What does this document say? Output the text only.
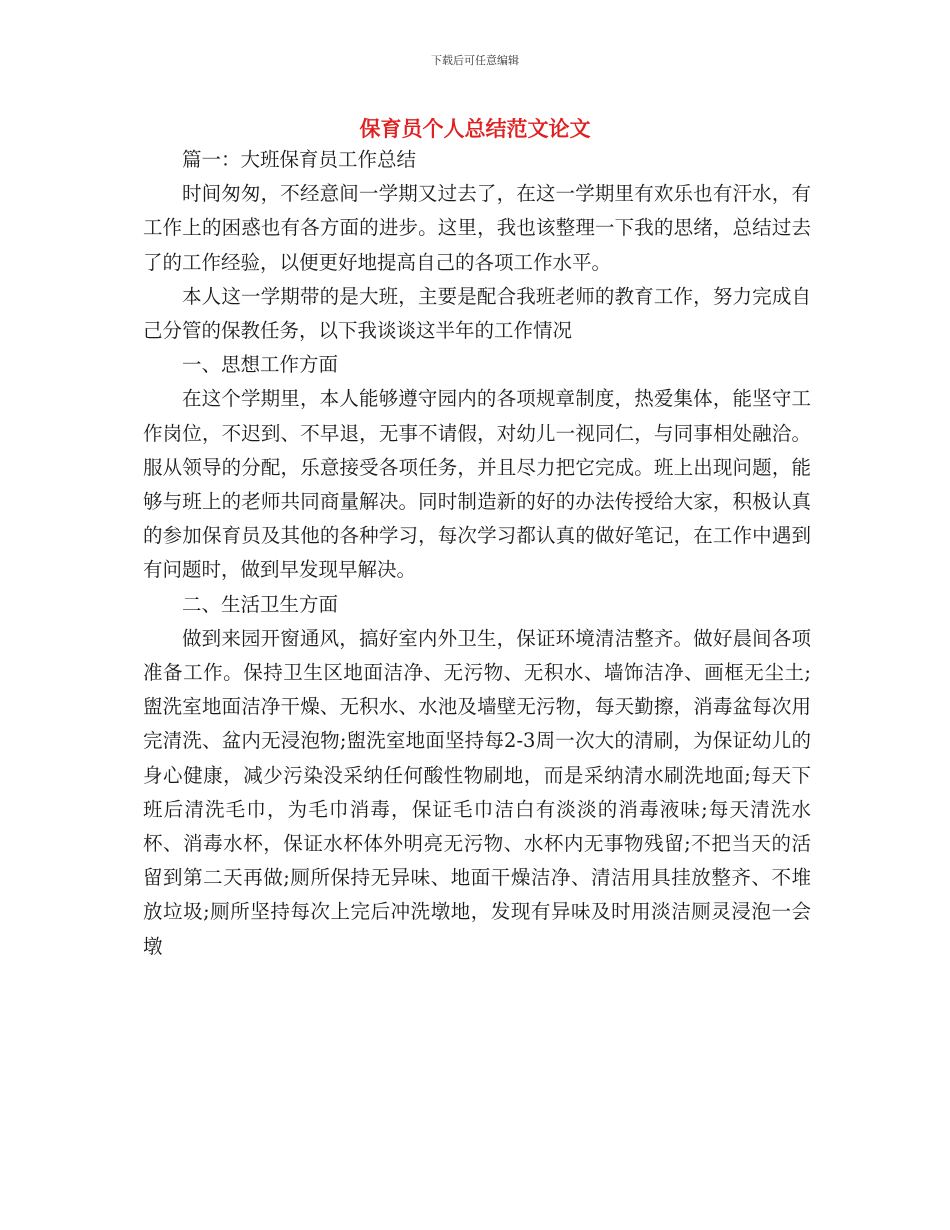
下载后可任意编辑
保育员个人总结范文论文

篇一：大班保育员工作总结

时间匆匆，不经意间一学期又过去了，在这一学期里有欢乐也有汗水，有工作上的困惑也有各方面的进步。这里，我也该整理一下我的思绪，总结过去了的工作经验，以便更好地提高自己的各项工作水平。

本人这一学期带的是大班，主要是配合我班老师的教育工作，努力完成自己分管的保教任务，以下我谈谈这半年的工作情况

一、思想工作方面

在这个学期里，本人能够遵守园内的各项规章制度，热爱集体，能坚守工作岗位，不迟到、不早退，无事不请假，对幼儿一视同仁，与同事相处融洽。服从领导的分配，乐意接受各项任务，并且尽力把它完成。班上出现问题，能够与班上的老师共同商量解决。同时制造新的好的办法传授给大家，积极认真的参加保育员及其他的各种学习，每次学习都认真的做好笔记，在工作中遇到有问题时，做到早发现早解决。

二、生活卫生方面

做到来园开窗通风，搞好室内外卫生，保证环境清洁整齐。做好晨间各项准备工作。保持卫生区地面洁净、无污物、无积水、墙饰洁净、画框无尘土;盥洗室地面洁净干燥、无积水、水池及墙壁无污物，每天勤擦，消毒盆每次用完清洗、盆内无浸泡物;盥洗室地面坚持每2-3周一次大的清刷，为保证幼儿的身心健康，减少污染没采纳任何酸性物刷地，而是采纳清水刷洗地面;每天下班后清洗毛巾，为毛巾消毒，保证毛巾洁白有淡淡的消毒液味;每天清洗水杯、消毒水杯，保证水杯体外明亮无污物、水杯内无事物残留;不把当天的活留到第二天再做;厕所保持无异味、地面干燥洁净、清洁用具挂放整齐、不堆放垃圾;厕所坚持每次上完后冲洗墩地，发现有异味及时用淡洁厕灵浸泡一会墩
